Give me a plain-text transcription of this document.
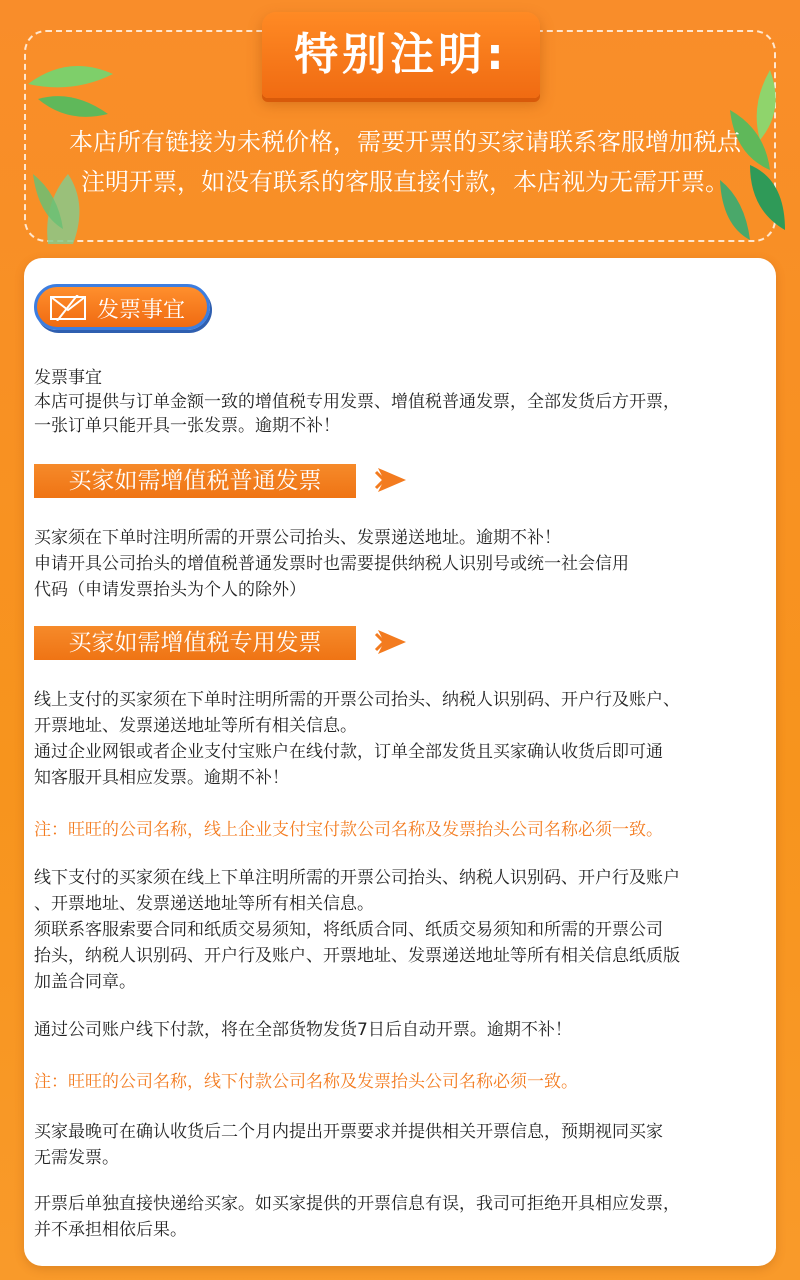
特别注明:
本店所有链接为未税价格，需要开票的买家请联系客服增加税点注明开票，如没有联系的客服直接付款，本店视为无需开票。
发票事宜

发票事宜

本店可提供与订单金额一致的增值税专用发票、增值税普通发票，全部发货后方开票，

一张订单只能开具一张发票。逾期不补！

买家如需增值税普通发票

买家须在下单时注明所需的开票公司抬头、发票递送地址。逾期不补！

申请开具公司抬头的增值税普通发票时也需要提供纳税人识别号或统一社会信用

代码（申请发票抬头为个人的除外）

买家如需增值税专用发票

线上支付的买家须在下单时注明所需的开票公司抬头、纳税人识别码、开户行及账户、

开票地址、发票递送地址等所有相关信息。

通过企业网银或者企业支付宝账户在线付款，订单全部发货且买家确认收货后即可通

知客服开具相应发票。逾期不补！

注：旺旺的公司名称，线上企业支付宝付款公司名称及发票抬头公司名称必须一致。

线下支付的买家须在线上下单注明所需的开票公司抬头、纳税人识别码、开户行及账户

、开票地址、发票递送地址等所有相关信息。

须联系客服索要合同和纸质交易须知，将纸质合同、纸质交易须知和所需的开票公司

抬头，纳税人识别码、开户行及账户、开票地址、发票递送地址等所有相关信息纸质版

加盖合同章。

通过公司账户线下付款，将在全部货物发货7日后自动开票。逾期不补！

注：旺旺的公司名称，线下付款公司名称及发票抬头公司名称必须一致。

买家最晚可在确认收货后二个月内提出开票要求并提供相关开票信息，预期视同买家

无需发票。

开票后单独直接快递给买家。如买家提供的开票信息有误，我司可拒绝开具相应发票，

并不承担相依后果。
